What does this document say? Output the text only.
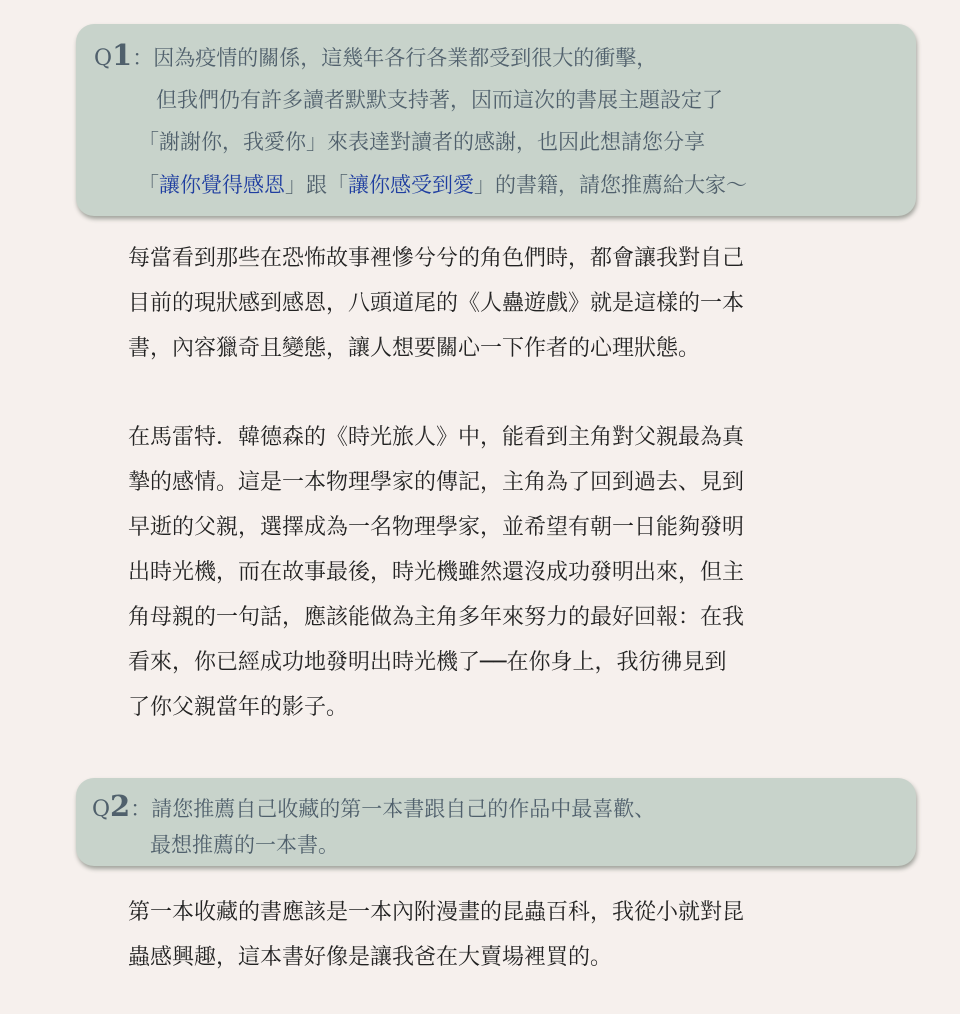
Q1：因為疫情的關係，這幾年各行各業都受到很大的衝擊，
但我們仍有許多讀者默默支持著，因而這次的書展主題設定了
「謝謝你，我愛你」來表達對讀者的感謝，也因此想請您分享
「讓你覺得感恩」跟「讓你感受到愛」的書籍，請您推薦給大家～
每當看到那些在恐怖故事裡慘兮兮的角色們時，都會讓我對自己
目前的現狀感到感恩，八頭道尾的《人蠱遊戲》就是這樣的一本
書，內容獵奇且變態，讓人想要關心一下作者的心理狀態。
在馬雷特．韓德森的《時光旅人》中，能看到主角對父親最為真
摯的感情。這是一本物理學家的傳記，主角為了回到過去、見到
早逝的父親，選擇成為一名物理學家，並希望有朝一日能夠發明
出時光機，而在故事最後，時光機雖然還沒成功發明出來，但主
角母親的一句話，應該能做為主角多年來努力的最好回報：在我
看來，你已經成功地發明出時光機了──在你身上，我彷彿見到
了你父親當年的影子。
Q2：請您推薦自己收藏的第一本書跟自己的作品中最喜歡、
最想推薦的一本書。
第一本收藏的書應該是一本內附漫畫的昆蟲百科，我從小就對昆
蟲感興趣，這本書好像是讓我爸在大賣場裡買的。
